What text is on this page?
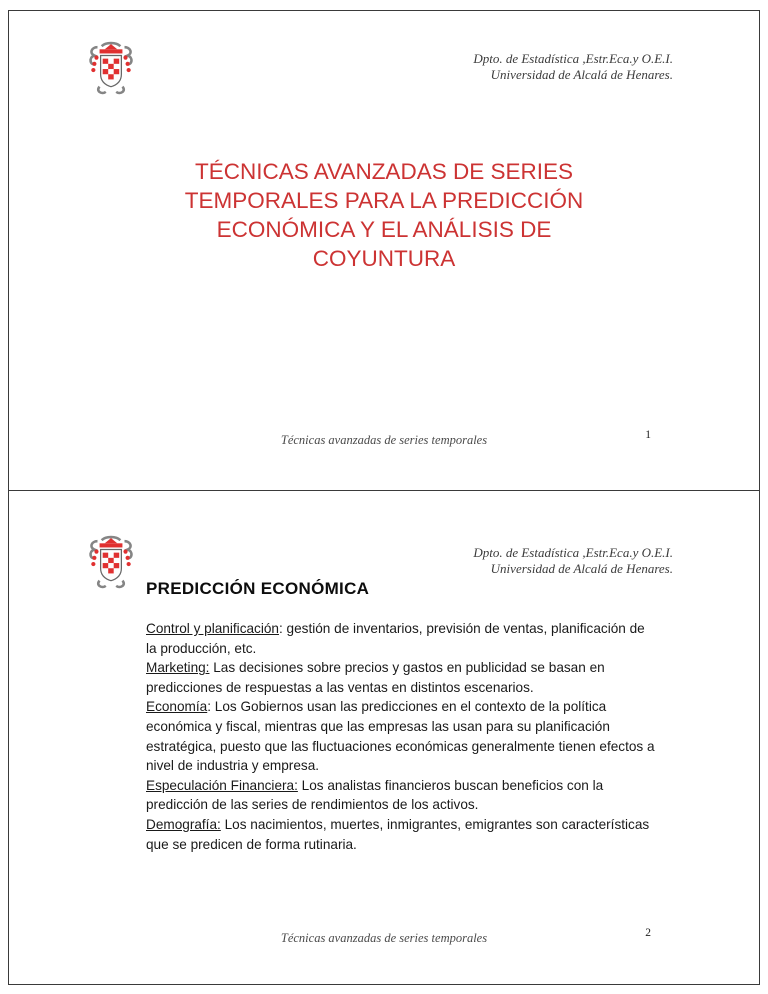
Dpto. de Estadística ,Estr.Eca.y O.E.I.
Universidad de Alcalá de Henares.
TÉCNICAS AVANZADAS DE SERIES TEMPORALES PARA LA PREDICCIÓN ECONÓMICA Y EL ANÁLISIS DE COYUNTURA
Técnicas avanzadas de series temporales	1
Dpto. de Estadística ,Estr.Eca.y O.E.I.
Universidad de Alcalá de Henares.
PREDICCIÓN ECONÓMICA

Control y planificación: gestión de inventarios, previsión de ventas, planificación de la producción, etc.

Marketing: Las decisiones sobre precios y gastos en publicidad se basan en predicciones de respuestas a las ventas en distintos escenarios.

Economía: Los Gobiernos usan las predicciones en el contexto de la política económica y fiscal, mientras que las empresas las usan para su planificación estratégica, puesto que las fluctuaciones económicas generalmente tienen efectos a nivel de industria y empresa.

Especulación Financiera: Los analistas financieros buscan beneficios con la predicción de las series de rendimientos de los activos.

Demografía: Los nacimientos, muertes, inmigrantes, emigrantes son características que se predicen de forma rutinaria.

Técnicas avanzadas de series temporales	2
